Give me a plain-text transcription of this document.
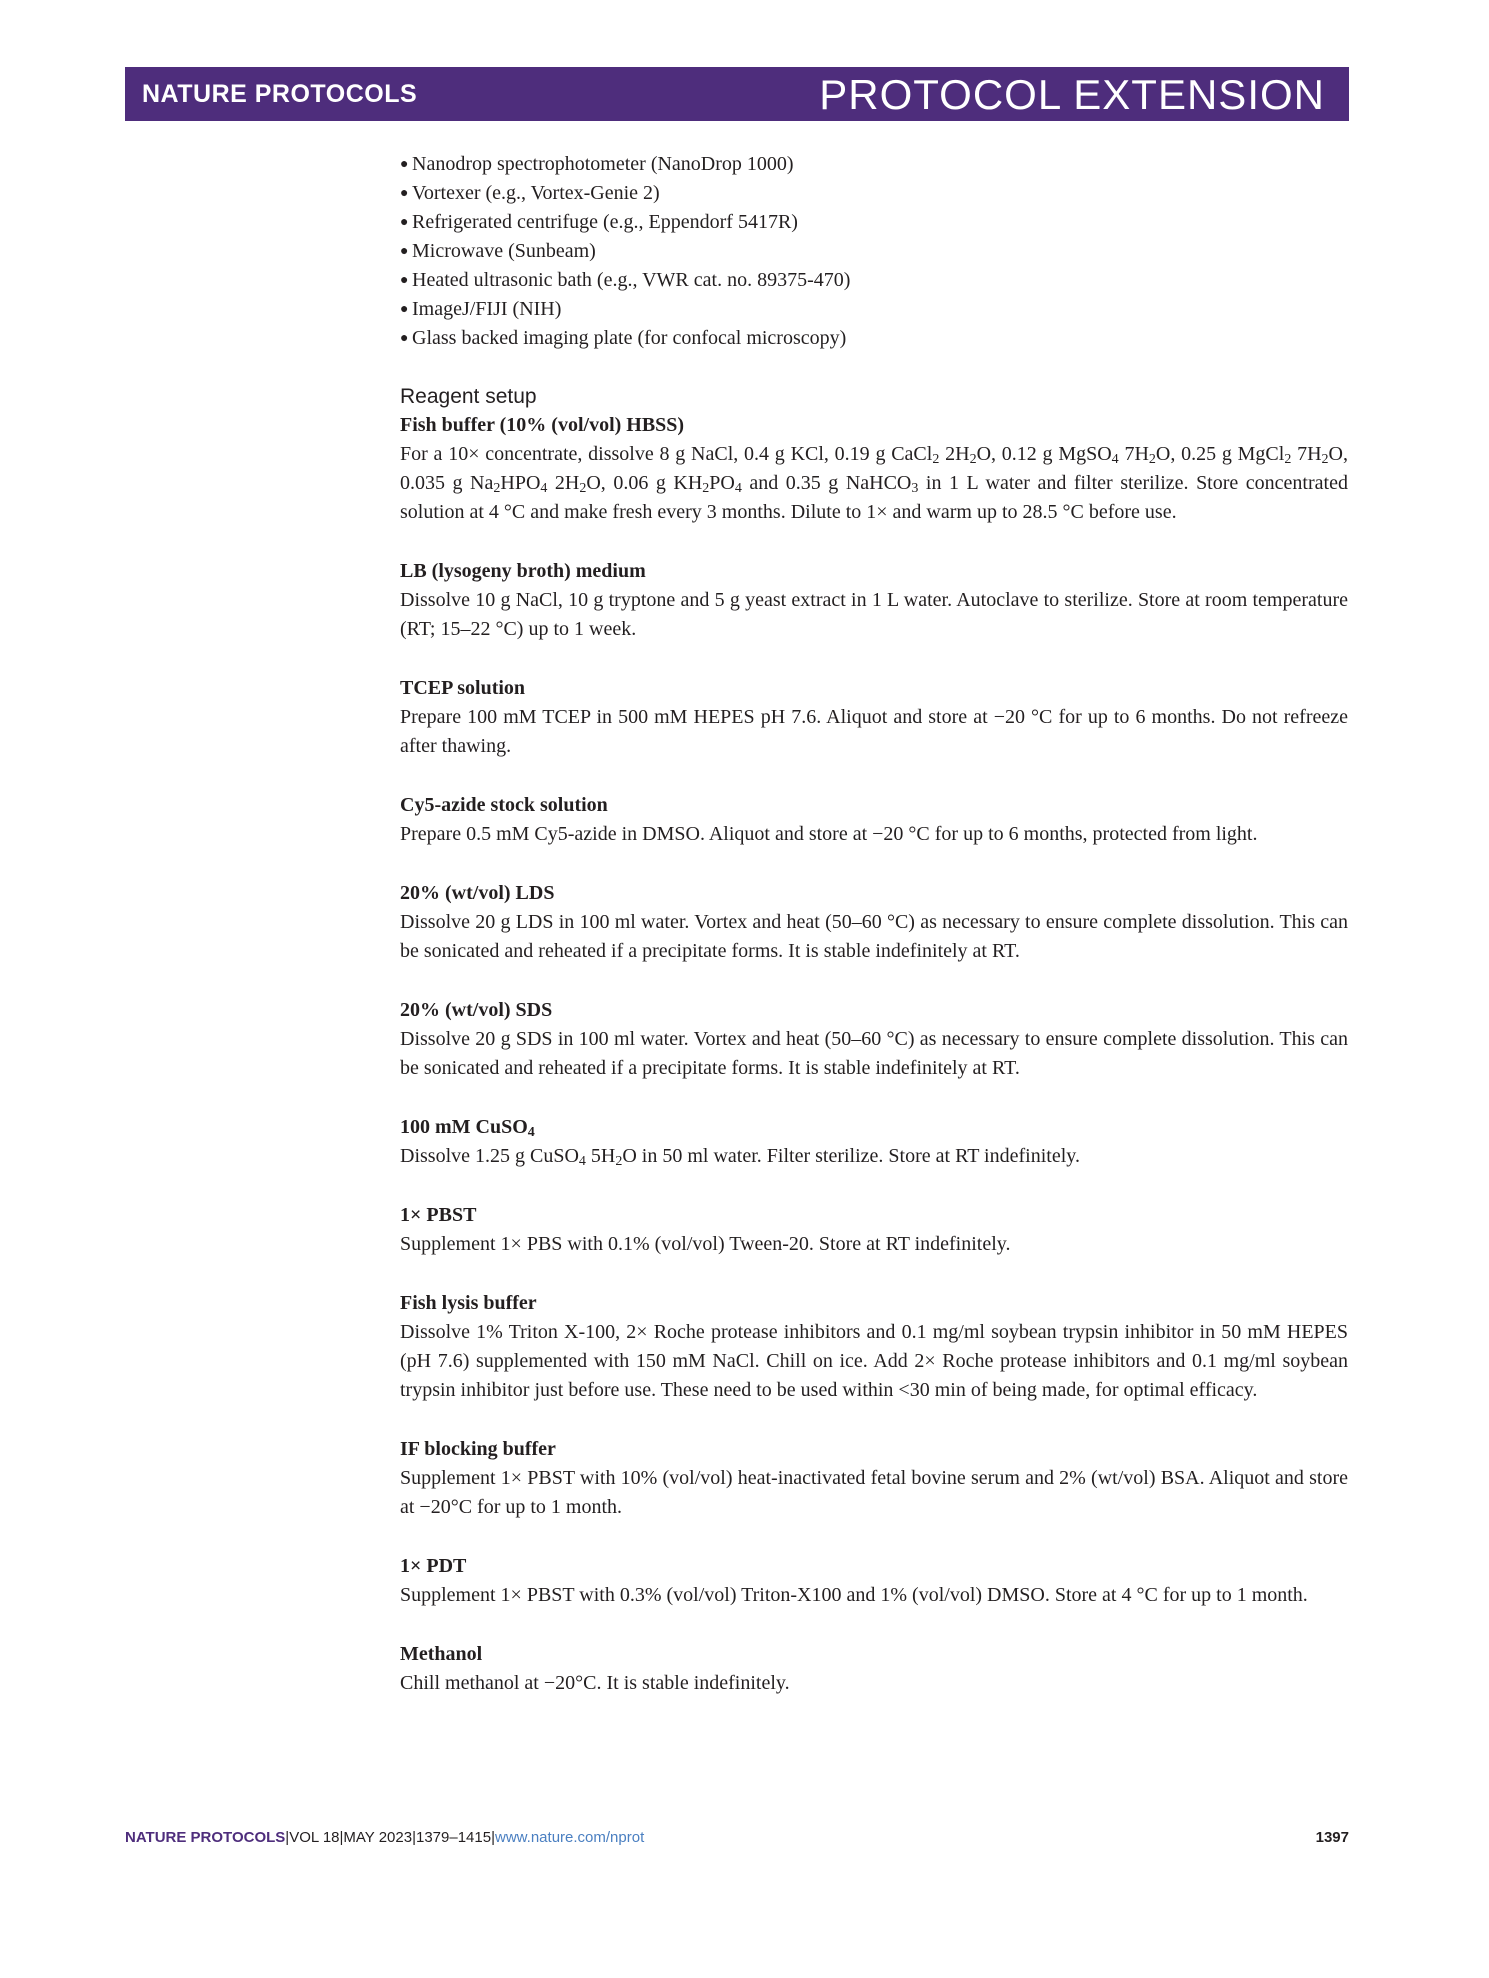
NATURE PROTOCOLS	PROTOCOL EXTENSION
● Nanodrop spectrophotometer (NanoDrop 1000)
● Vortexer (e.g., Vortex-Genie 2)
● Refrigerated centrifuge (e.g., Eppendorf 5417R)
● Microwave (Sunbeam)
● Heated ultrasonic bath (e.g., VWR cat. no. 89375-470)
● ImageJ/FIJI (NIH)
● Glass backed imaging plate (for confocal microscopy)
Reagent setup
Fish buffer (10% (vol/vol) HBSS)
For a 10× concentrate, dissolve 8 g NaCl, 0.4 g KCl, 0.19 g CaCl$_2$ $2H_2O$, 0.12 g MgSO$_4$ $7H_2O$, 0.25 g MgCl$_2$ $7H_2O$, 0.035 g $Na_2HPO_4$ $2H_2O$, 0.06 g $KH_2PO_4$ and 0.35 g NaHCO$_3$ in 1 L water and filter sterilize. Store concentrated solution at 4 °C and make fresh every 3 months. Dilute to 1× and warm up to 28.5 °C before use.
LB (lysogeny broth) medium
Dissolve 10 g NaCl, 10 g tryptone and 5 g yeast extract in 1 L water. Autoclave to sterilize. Store at room temperature (RT; 15–22 °C) up to 1 week.
TCEP solution
Prepare 100 mM TCEP in 500 mM HEPES pH 7.6. Aliquot and store at −20 °C for up to 6 months. Do not refreeze after thawing.
Cy5-azide stock solution
Prepare 0.5 mM Cy5-azide in DMSO. Aliquot and store at −20 °C for up to 6 months, protected from light.
20% (wt/vol) LDS
Dissolve 20 g LDS in 100 ml water. Vortex and heat (50–60 °C) as necessary to ensure complete dissolution. This can be sonicated and reheated if a precipitate forms. It is stable indefinitely at RT.
20% (wt/vol) SDS
Dissolve 20 g SDS in 100 ml water. Vortex and heat (50–60 °C) as necessary to ensure complete dissolution. This can be sonicated and reheated if a precipitate forms. It is stable indefinitely at RT.
100 mM CuSO$_4$
Dissolve 1.25 g CuSO$_4$ $5H_2O$ in 50 ml water. Filter sterilize. Store at RT indefinitely.
1× PBST
Supplement 1× PBS with 0.1% (vol/vol) Tween-20. Store at RT indefinitely.
Fish lysis buffer
Dissolve 1% Triton X-100, 2× Roche protease inhibitors and 0.1 mg/ml soybean trypsin inhibitor in 50 mM HEPES (pH 7.6) supplemented with 150 mM NaCl. Chill on ice. Add 2× Roche protease inhibitors and 0.1 mg/ml soybean trypsin inhibitor just before use. These need to be used within <30 min of being made, for optimal efficacy.
IF blocking buffer
Supplement 1× PBST with 10% (vol/vol) heat-inactivated fetal bovine serum and 2% (wt/vol) BSA. Aliquot and store at −20°C for up to 1 month.
1× PDT
Supplement 1× PBST with 0.3% (vol/vol) Triton-X100 and 1% (vol/vol) DMSO. Store at 4 °C for up to 1 month.
Methanol
Chill methanol at −20°C. It is stable indefinitely.
NATURE PROTOCOLS|VOL 18|MAY 2023|1379–1415|www.nature.com/nprot	1397
